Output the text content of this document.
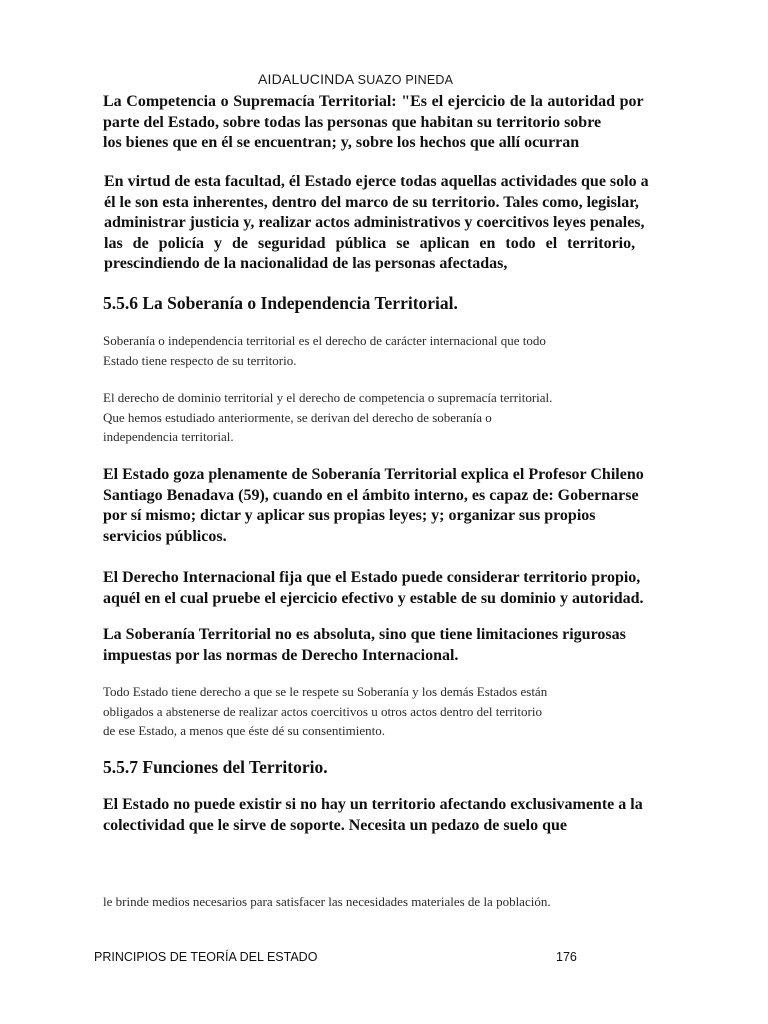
AIDALUCINDA SUAZO PINEDA

La Competencia o Supremacía Territorial: "Es el ejercicio de la autoridad por
parte del Estado, sobre todas las personas que habitan su territorio sobre
los bienes que en él se encuentran; y, sobre los hechos que allí ocurran

En virtud de esta facultad, él Estado ejerce todas aquellas actividades que solo a
él le son esta inherentes, dentro del marco de su territorio. Tales como, legislar,
administrar justicia y, realizar actos administrativos y coercitivos leyes penales,
las de policía y de seguridad pública se aplican en todo el territorio,
prescindiendo de la nacionalidad de las personas afectadas,

5.5.6 La Soberanía o Independencia Territorial.

Soberanía o independencia territorial es el derecho de carácter internacional que todo
Estado tiene respecto de su territorio.

El derecho de dominio territorial y el derecho de competencia o supremacía territorial.
Que hemos estudiado anteriormente, se derivan del derecho de soberanía o
independencia territorial.

El Estado goza plenamente de Soberanía Territorial explica el Profesor Chileno
Santiago Benadava (59), cuando en el ámbito interno, es capaz de: Gobernarse
por sí mismo; dictar y aplicar sus propias leyes; y; organizar sus propios
servicios públicos.

El Derecho Internacional fija que el Estado puede considerar territorio propio,
aquél en el cual pruebe el ejercicio efectivo y estable de su dominio y autoridad.

La Soberanía Territorial no es absoluta, sino que tiene limitaciones rigurosas
impuestas por las normas de Derecho Internacional.

Todo Estado tiene derecho a que se le respete su Soberanía y los demás Estados están
obligados a abstenerse de realizar actos coercitivos u otros actos dentro del territorio
de ese Estado, a menos que éste dé su consentimiento.

5.5.7 Funciones del Territorio.

El Estado no puede existir si no hay un territorio afectando exclusivamente a la
colectividad que le sirve de soporte. Necesita un pedazo de suelo que

le brinde medios necesarios para satisfacer las necesidades materiales de la población.

PRINCIPIOS DE TEORÍA DEL ESTADO	176
